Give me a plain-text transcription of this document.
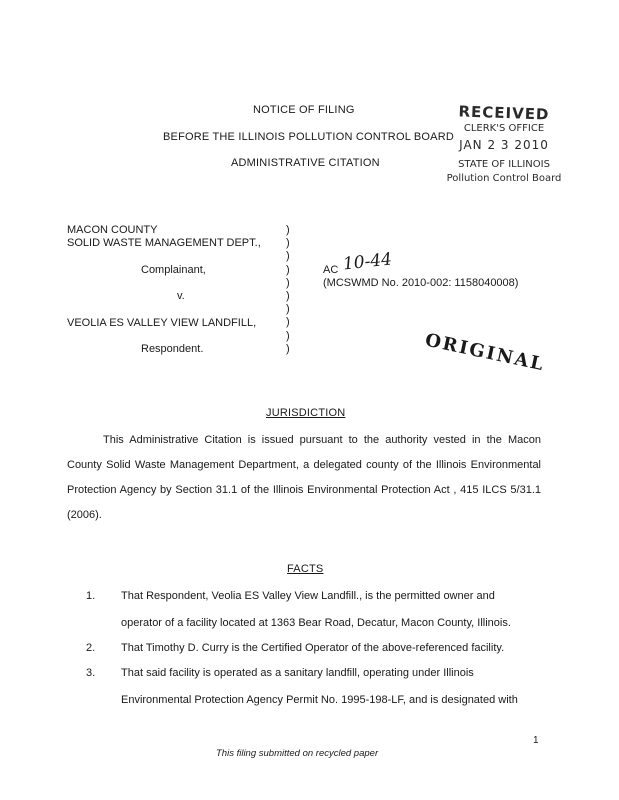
NOTICE OF FILING
BEFORE THE ILLINOIS POLLUTION CONTROL BOARD
ADMINISTRATIVE CITATION
RECEIVED
CLERK'S OFFICE
JAN 2 3 2010
STATE OF ILLINOIS
Pollution Control Board
MACON COUNTY
SOLID WASTE MANAGEMENT DEPT.,
Complainant,
v.
VEOLIA ES VALLEY VIEW LANDFILL,
Respondent.
)
)
)
)
)
)
)
)
)
)
AC 10-44
(MCSWMD No. 2010-002: 1158040008)
ORIGINAL
JURISDICTION

This Administrative Citation is issued pursuant to the authority vested in the Macon County Solid Waste Management Department, a delegated county of the Illinois Environmental Protection Agency by Section 31.1 of the Illinois Environmental Protection Act , 415 ILCS 5/31.1 (2006).

FACTS
1. That Respondent, Veolia ES Valley View Landfill., is the permitted owner and
operator of a facility located at 1363 Bear Road, Decatur, Macon County, Illinois.
2. That Timothy D. Curry is the Certified Operator of the above-referenced facility.
3. That said facility is operated as a sanitary landfill, operating under Illinois
Environmental Protection Agency Permit No. 1995-198-LF, and is designated with
This filing submitted on recycled paper
1
